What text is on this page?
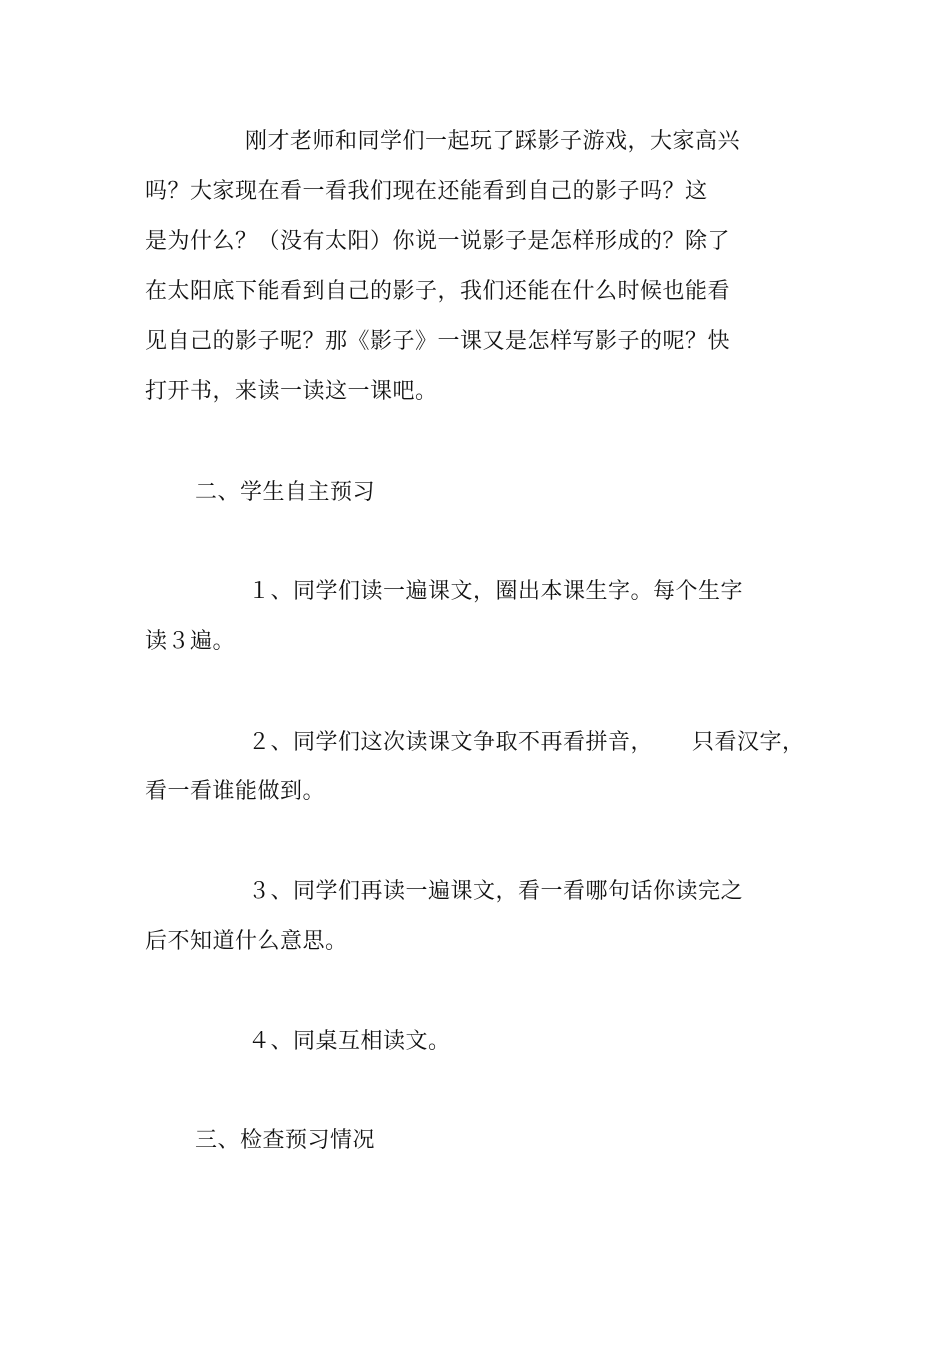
刚才老师和同学们一起玩了踩影子游戏，大家高兴

吗？大家现在看一看我们现在还能看到自己的影子吗？这

是为什么？（没有太阳）你说一说影子是怎样形成的？除了

在太阳底下能看到自己的影子，我们还能在什么时候也能看

见自己的影子呢？那《影子》一课又是怎样写影子的呢？快

打开书，来读一读这一课吧。

二、学生自主预习

１、同学们读一遍课文，圈出本课生字。每个生字

读３遍。

２、同学们这次读课文争取不再看拼音， 只看汉字，

看一看谁能做到。

３、同学们再读一遍课文，看一看哪句话你读完之

后不知道什么意思。

４、同桌互相读文。

三、检查预习情况
